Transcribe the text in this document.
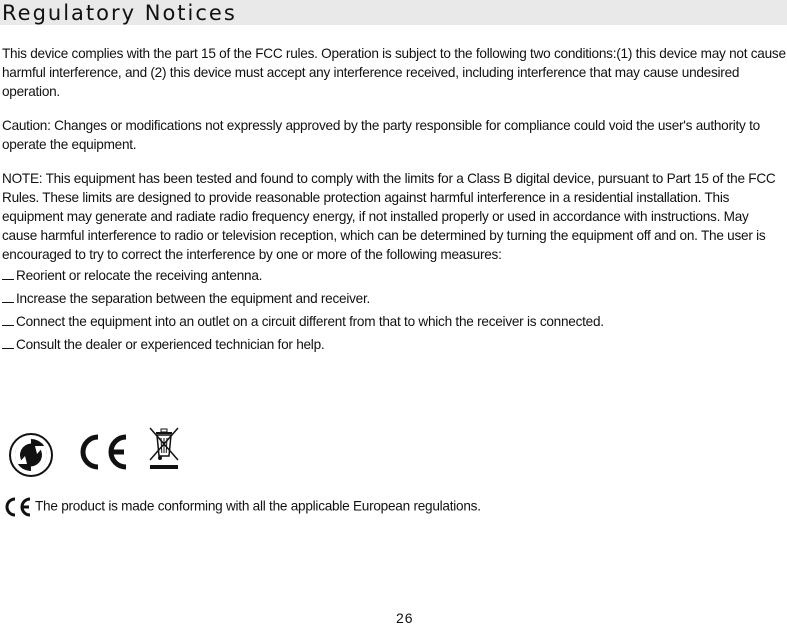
Regulatory Notices

This device complies with the part 15 of the FCC rules. Operation is subject to the following two conditions:(1) this device may not cause harmful interference, and (2) this device must accept any interference received, including interference that may cause undesired operation.

Caution: Changes or modifications not expressly approved by the party responsible for compliance could void the user's authority to operate the equipment.

NOTE: This equipment has been tested and found to comply with the limits for a Class B digital device, pursuant to Part 15 of the FCC Rules. These limits are designed to provide reasonable protection against harmful interference in a residential installation. This equipment may generate and radiate radio frequency energy, if not installed properly or used in accordance with instructions. May cause harmful interference to radio or television reception, which can be determined by turning the equipment off and on. The user is encouraged to try to correct the interference by one or more of the following measures:

Reorient or relocate the receiving antenna.
Increase the separation between the equipment and receiver.
Connect the equipment into an outlet on a circuit different from that to which the receiver is connected.
Consult the dealer or experienced technician for help.
The product is made conforming with all the applicable European regulations.
26
